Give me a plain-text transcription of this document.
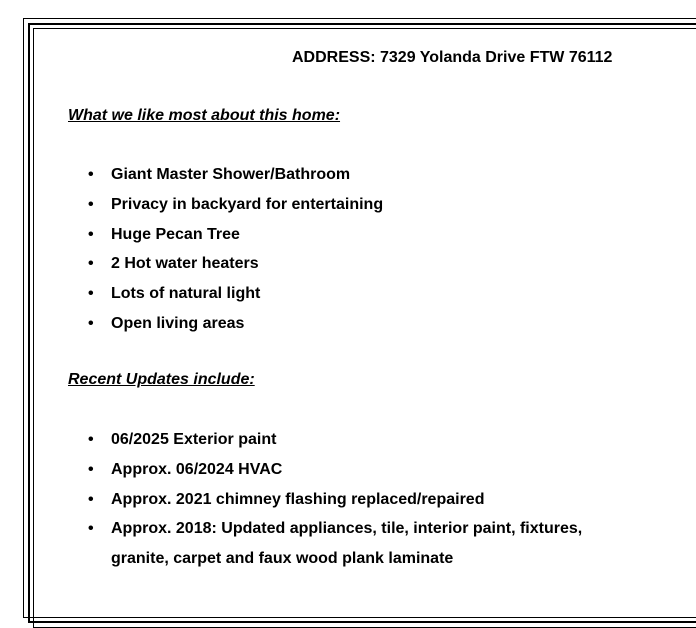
ADDRESS: 7329 Yolanda Drive FTW 76112
What we like most about this home:
• Giant Master Shower/Bathroom
• Privacy in backyard for entertaining
• Huge Pecan Tree
• 2 Hot water heaters
• Lots of natural light
• Open living areas
Recent Updates include:
• 06/2025 Exterior paint
• Approx. 06/2024 HVAC
• Approx. 2021 chimney flashing replaced/repaired
• Approx. 2018: Updated appliances, tile, interior paint, fixtures, granite, carpet and faux wood plank laminate
